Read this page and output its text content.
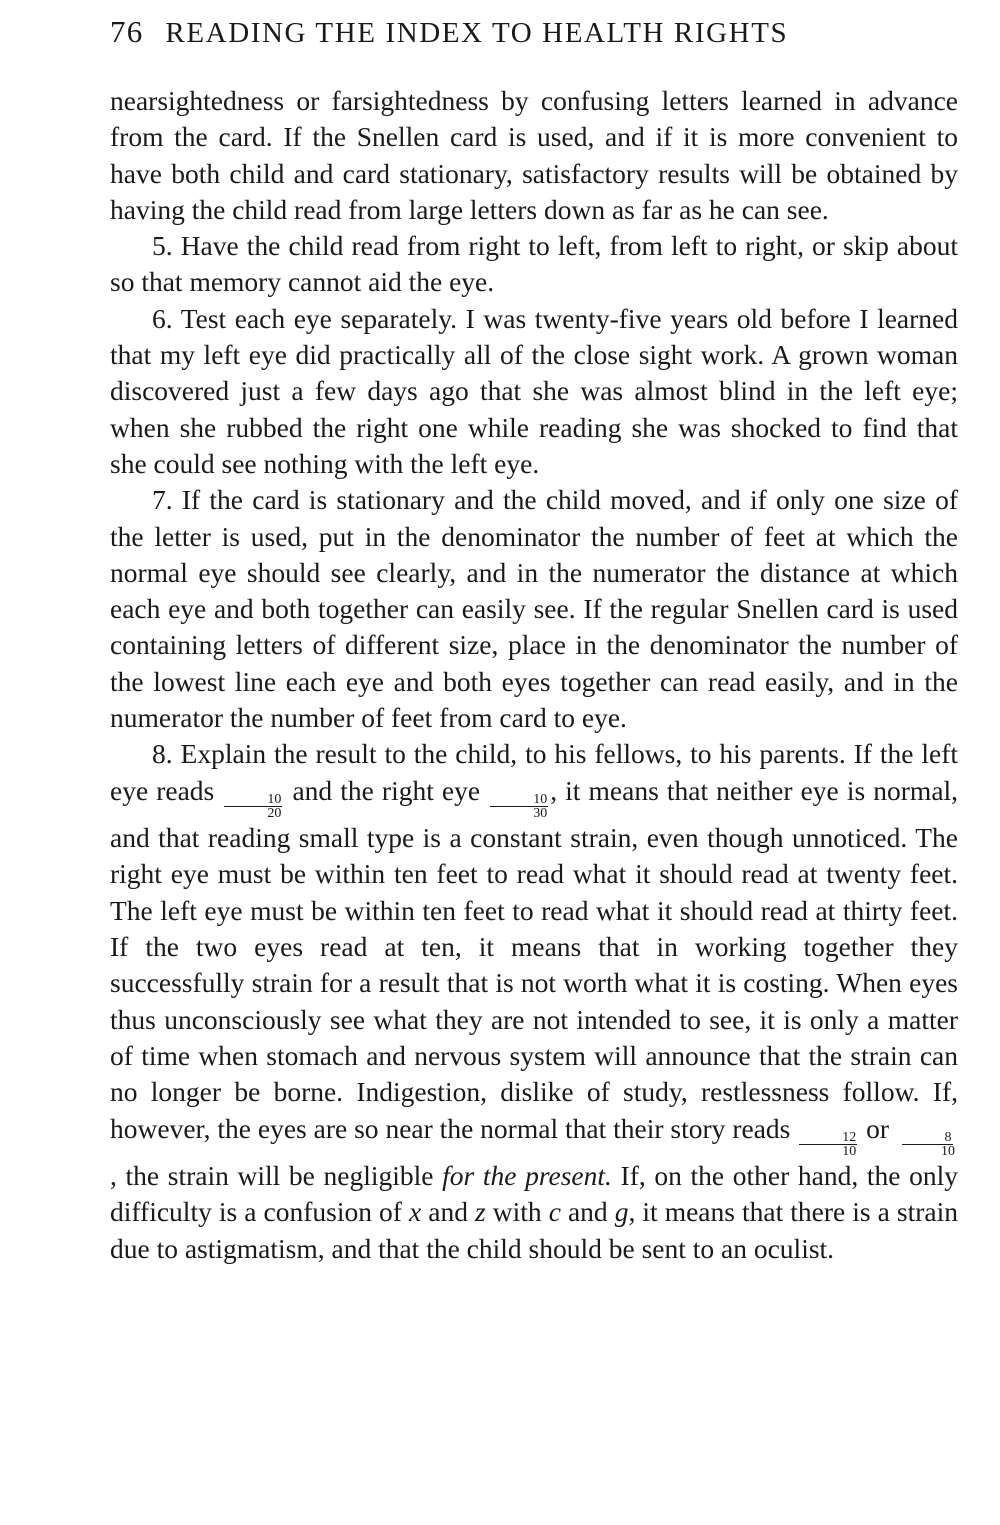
76 READING THE INDEX TO HEALTH RIGHTS

nearsightedness or farsightedness by confusing letters learned in advance from the card. If the Snellen card is used, and if it is more convenient to have both child and card stationary, satisfactory results will be obtained by having the child read from large letters down as far as he can see.

5. Have the child read from right to left, from left to right, or skip about so that memory cannot aid the eye.

6. Test each eye separately. I was twenty-five years old before I learned that my left eye did practically all of the close sight work. A grown woman discovered just a few days ago that she was almost blind in the left eye; when she rubbed the right one while reading she was shocked to find that she could see nothing with the left eye.

7. If the card is stationary and the child moved, and if only one size of the letter is used, put in the denominator the number of feet at which the normal eye should see clearly, and in the numerator the distance at which each eye and both together can easily see. If the regular Snellen card is used containing letters of different size, place in the denominator the number of the lowest line each eye and both eyes together can read easily, and in the numerator the number of feet from card to eye.

8. Explain the result to the child, to his fellows, to his parents. If the left eye reads
$\frac{10}{20}$
and the right eye
$\frac{10}{30}$
, it means that neither eye is normal, and that reading small type is a constant strain, even though unnoticed. The right eye must be within ten feet to read what it should read at twenty feet. The left eye must be within ten feet to read what it should read at thirty feet. If the two eyes read at ten, it means that in working together they successfully strain for a result that is not worth what it is costing. When eyes thus unconsciously see what they are not intended to see, it is only a matter of time when stomach and nervous system will announce that the strain can no longer be borne. Indigestion, dislike of study, restlessness follow. If, however, the eyes are so near the normal that their story reads
$\frac{12}{10}$
or
$\frac{8}{10}$
, the strain will be negligible for the present. If, on the other hand, the only difficulty is a confusion of x and z with c and g, it means that there is a strain due to astigmatism, and that the child should be sent to an oculist.
